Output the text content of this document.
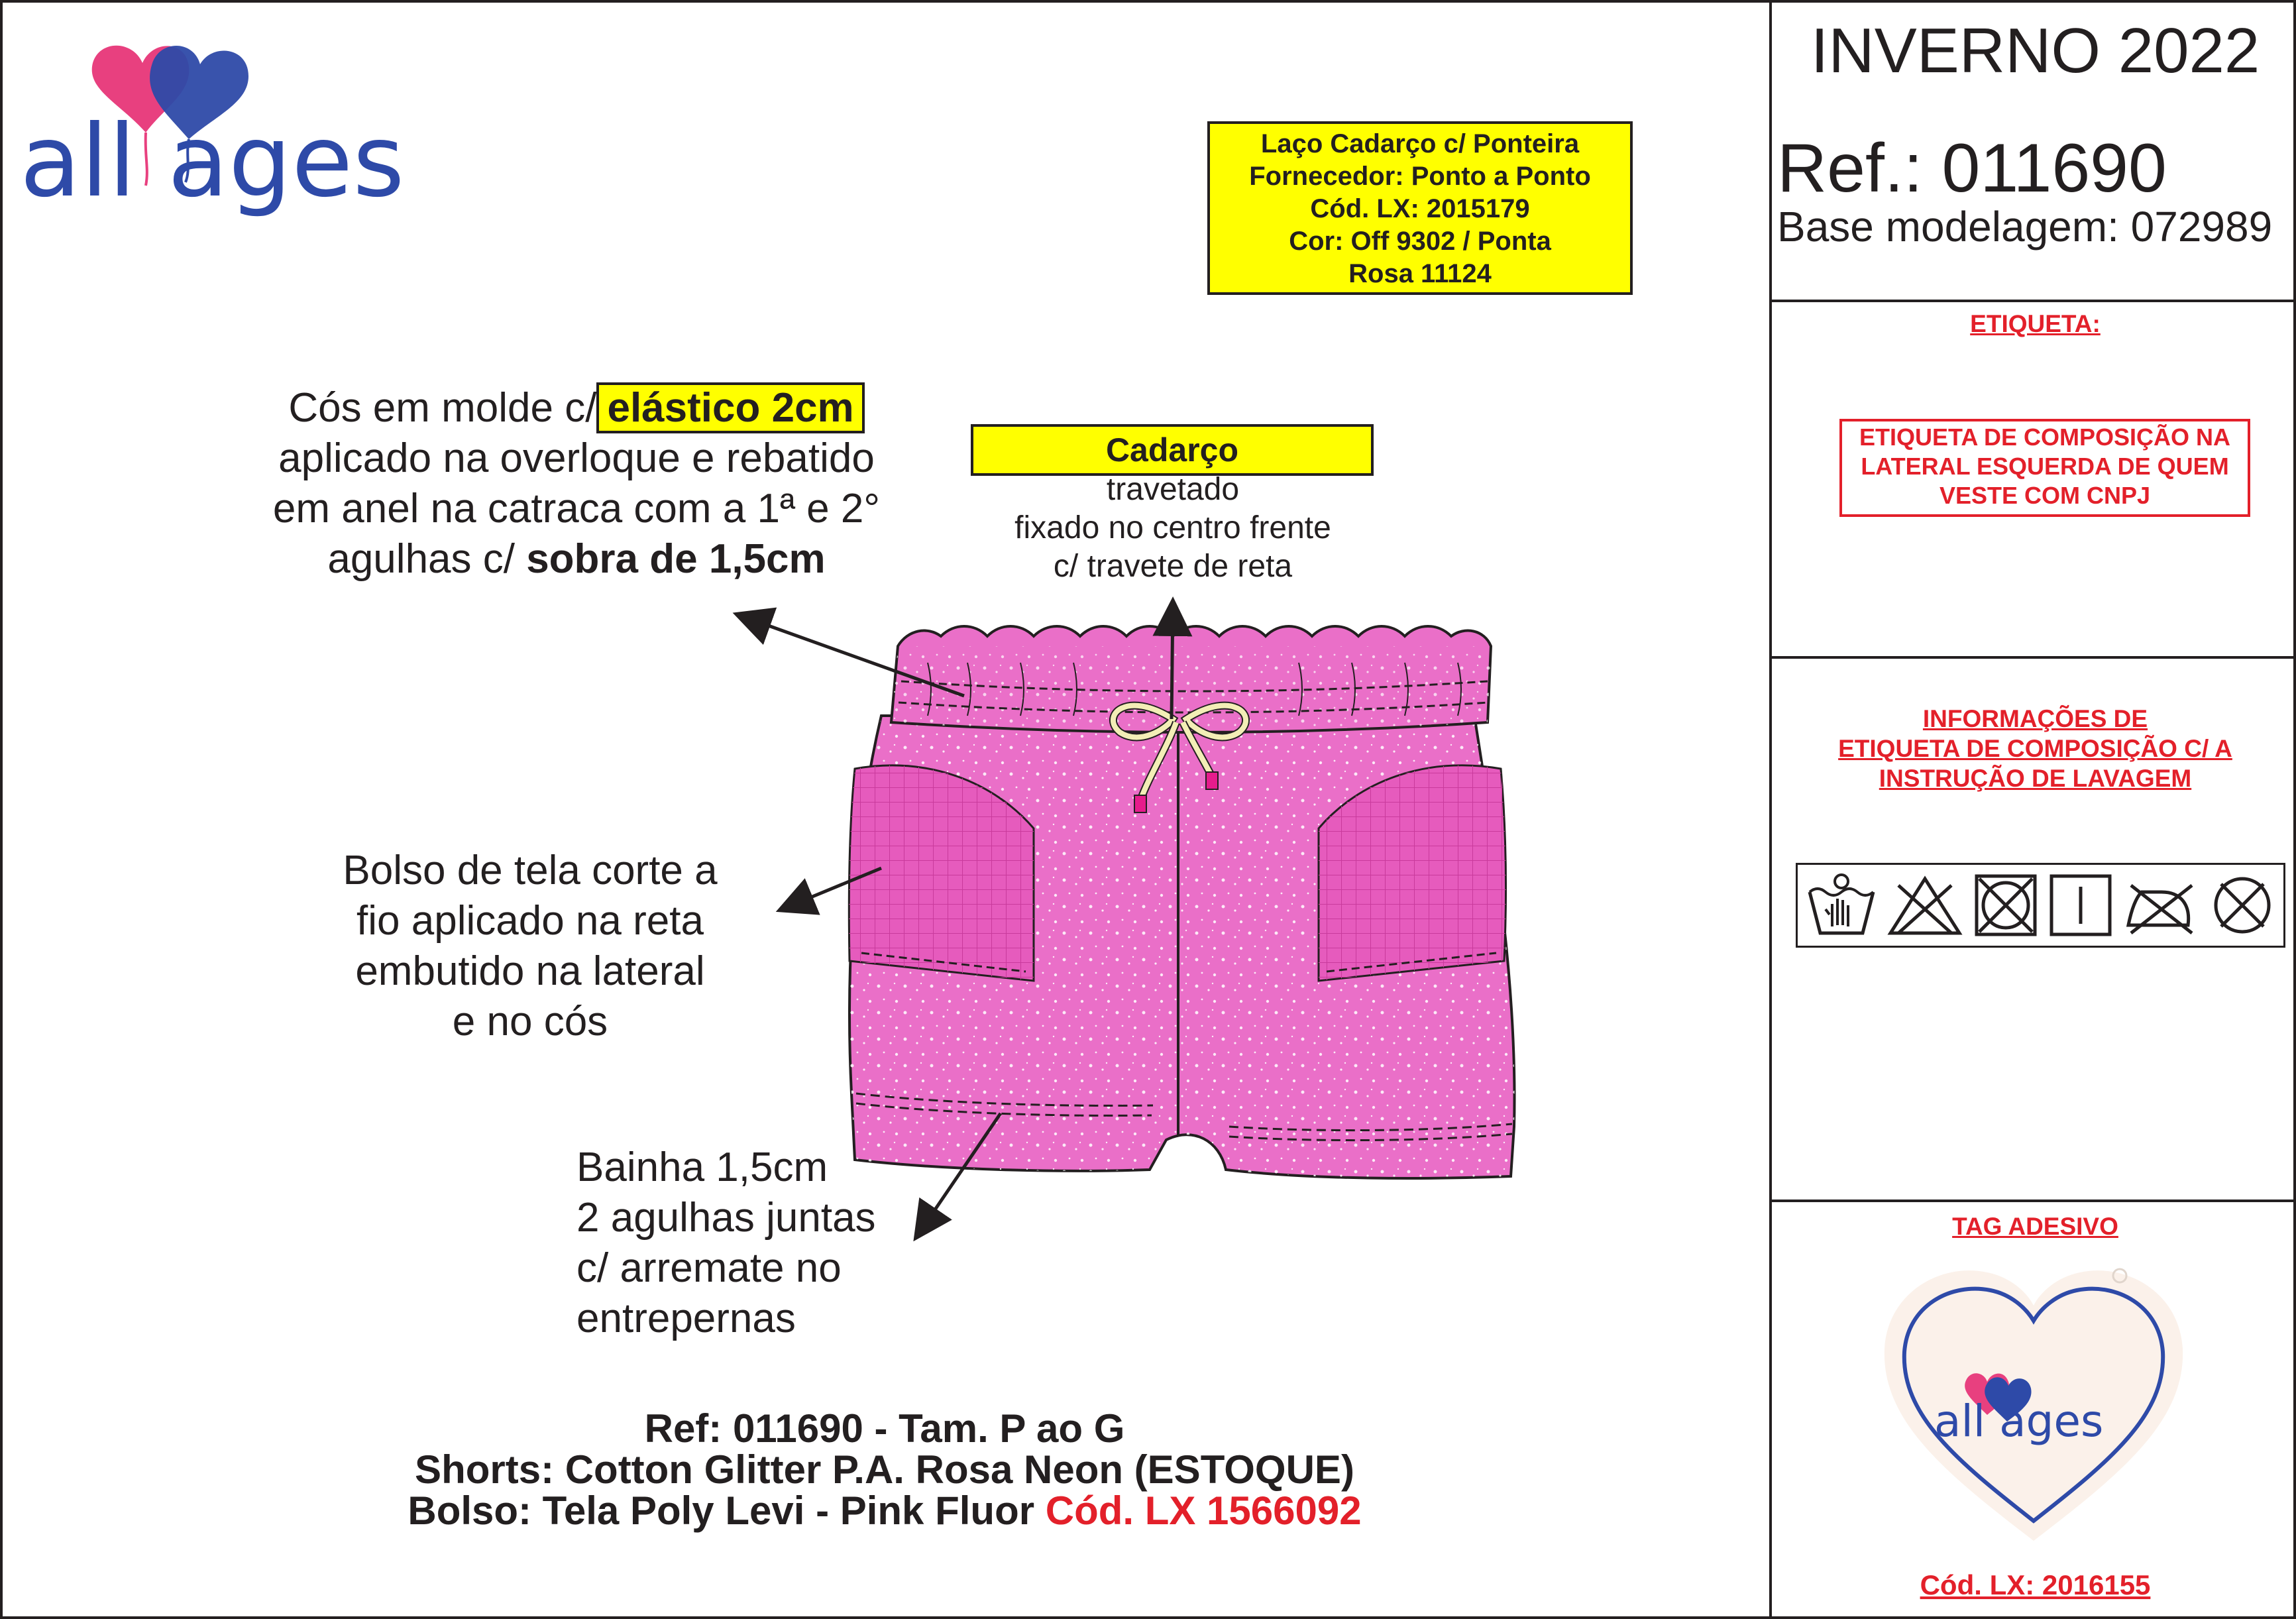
all ages	Laço Cadarço c/ Ponteira
Fornecedor: Ponto a Ponto
Cód. LX: 2015179
Cor: Off 9302 / Ponta
Rosa 11124
Cós em molde c/ elástico 2cm
aplicado na overloque e rebatido
em anel na catraca com a 1ª e 2°
agulhas c/ sobra de 1,5cm
Cadarço
travetado
fixado no centro frente
c/ travete de reta
Bolso de tela corte a
fio aplicado na reta
embutido na lateral
e no cós
Bainha 1,5cm
2 agulhas juntas
c/ arremate no
entrepernas
Ref: 011690 - Tam. P ao G
Shorts: Cotton Glitter P.A. Rosa Neon (ESTOQUE)
Bolso: Tela Poly Levi - Pink Fluor Cód. LX 1566092
INVERNO 2022
Ref.: 011690
Base modelagem: 072989
ETIQUETA:
ETIQUETA DE COMPOSIÇÃO NA
LATERAL ESQUERDA DE QUEM
VESTE COM CNPJ
INFORMAÇÕES DE
ETIQUETA DE COMPOSIÇÃO C/ A
INSTRUÇÃO DE LAVAGEM
TAG ADESIVO
all ages
Cód. LX: 2016155
